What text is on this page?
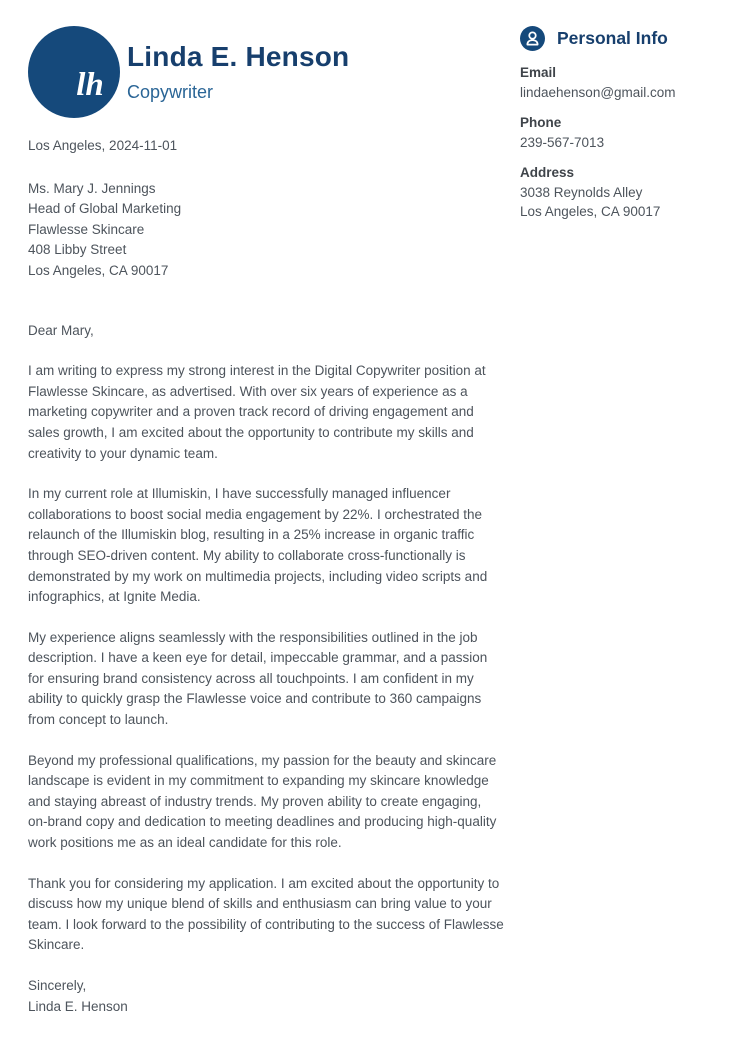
lh
Linda E. Henson
Copywriter
Personal Info
Email
lindaehenson@gmail.com
Phone
239-567-7013
Address
3038 Reynolds Alley
Los Angeles, CA 90017
Los Angeles, 2024-11-01
Ms. Mary J. Jennings
Head of Global Marketing
Flawlesse Skincare
408 Libby Street
Los Angeles, CA 90017

Dear Mary,

I am writing to express my strong interest in the Digital Copywriter position at Flawlesse Skincare, as advertised. With over six years of experience as a marketing copywriter and a proven track record of driving engagement and sales growth, I am excited about the opportunity to contribute my skills and creativity to your dynamic team.

In my current role at Illumiskin, I have successfully managed influencer collaborations to boost social media engagement by 22%. I orchestrated the relaunch of the Illumiskin blog, resulting in a 25% increase in organic traffic through SEO-driven content. My ability to collaborate cross-functionally is demonstrated by my work on multimedia projects, including video scripts and infographics, at Ignite Media.

My experience aligns seamlessly with the responsibilities outlined in the job description. I have a keen eye for detail, impeccable grammar, and a passion for ensuring brand consistency across all touchpoints. I am confident in my ability to quickly grasp the Flawlesse voice and contribute to 360 campaigns from concept to launch.

Beyond my professional qualifications, my passion for the beauty and skincare landscape is evident in my commitment to expanding my skincare knowledge and staying abreast of industry trends. My proven ability to create engaging, on-brand copy and dedication to meeting deadlines and producing high-quality work positions me as an ideal candidate for this role.

Thank you for considering my application. I am excited about the opportunity to discuss how my unique blend of skills and enthusiasm can bring value to your team. I look forward to the possibility of contributing to the success of Flawlesse Skincare.

Sincerely,
Linda E. Henson
